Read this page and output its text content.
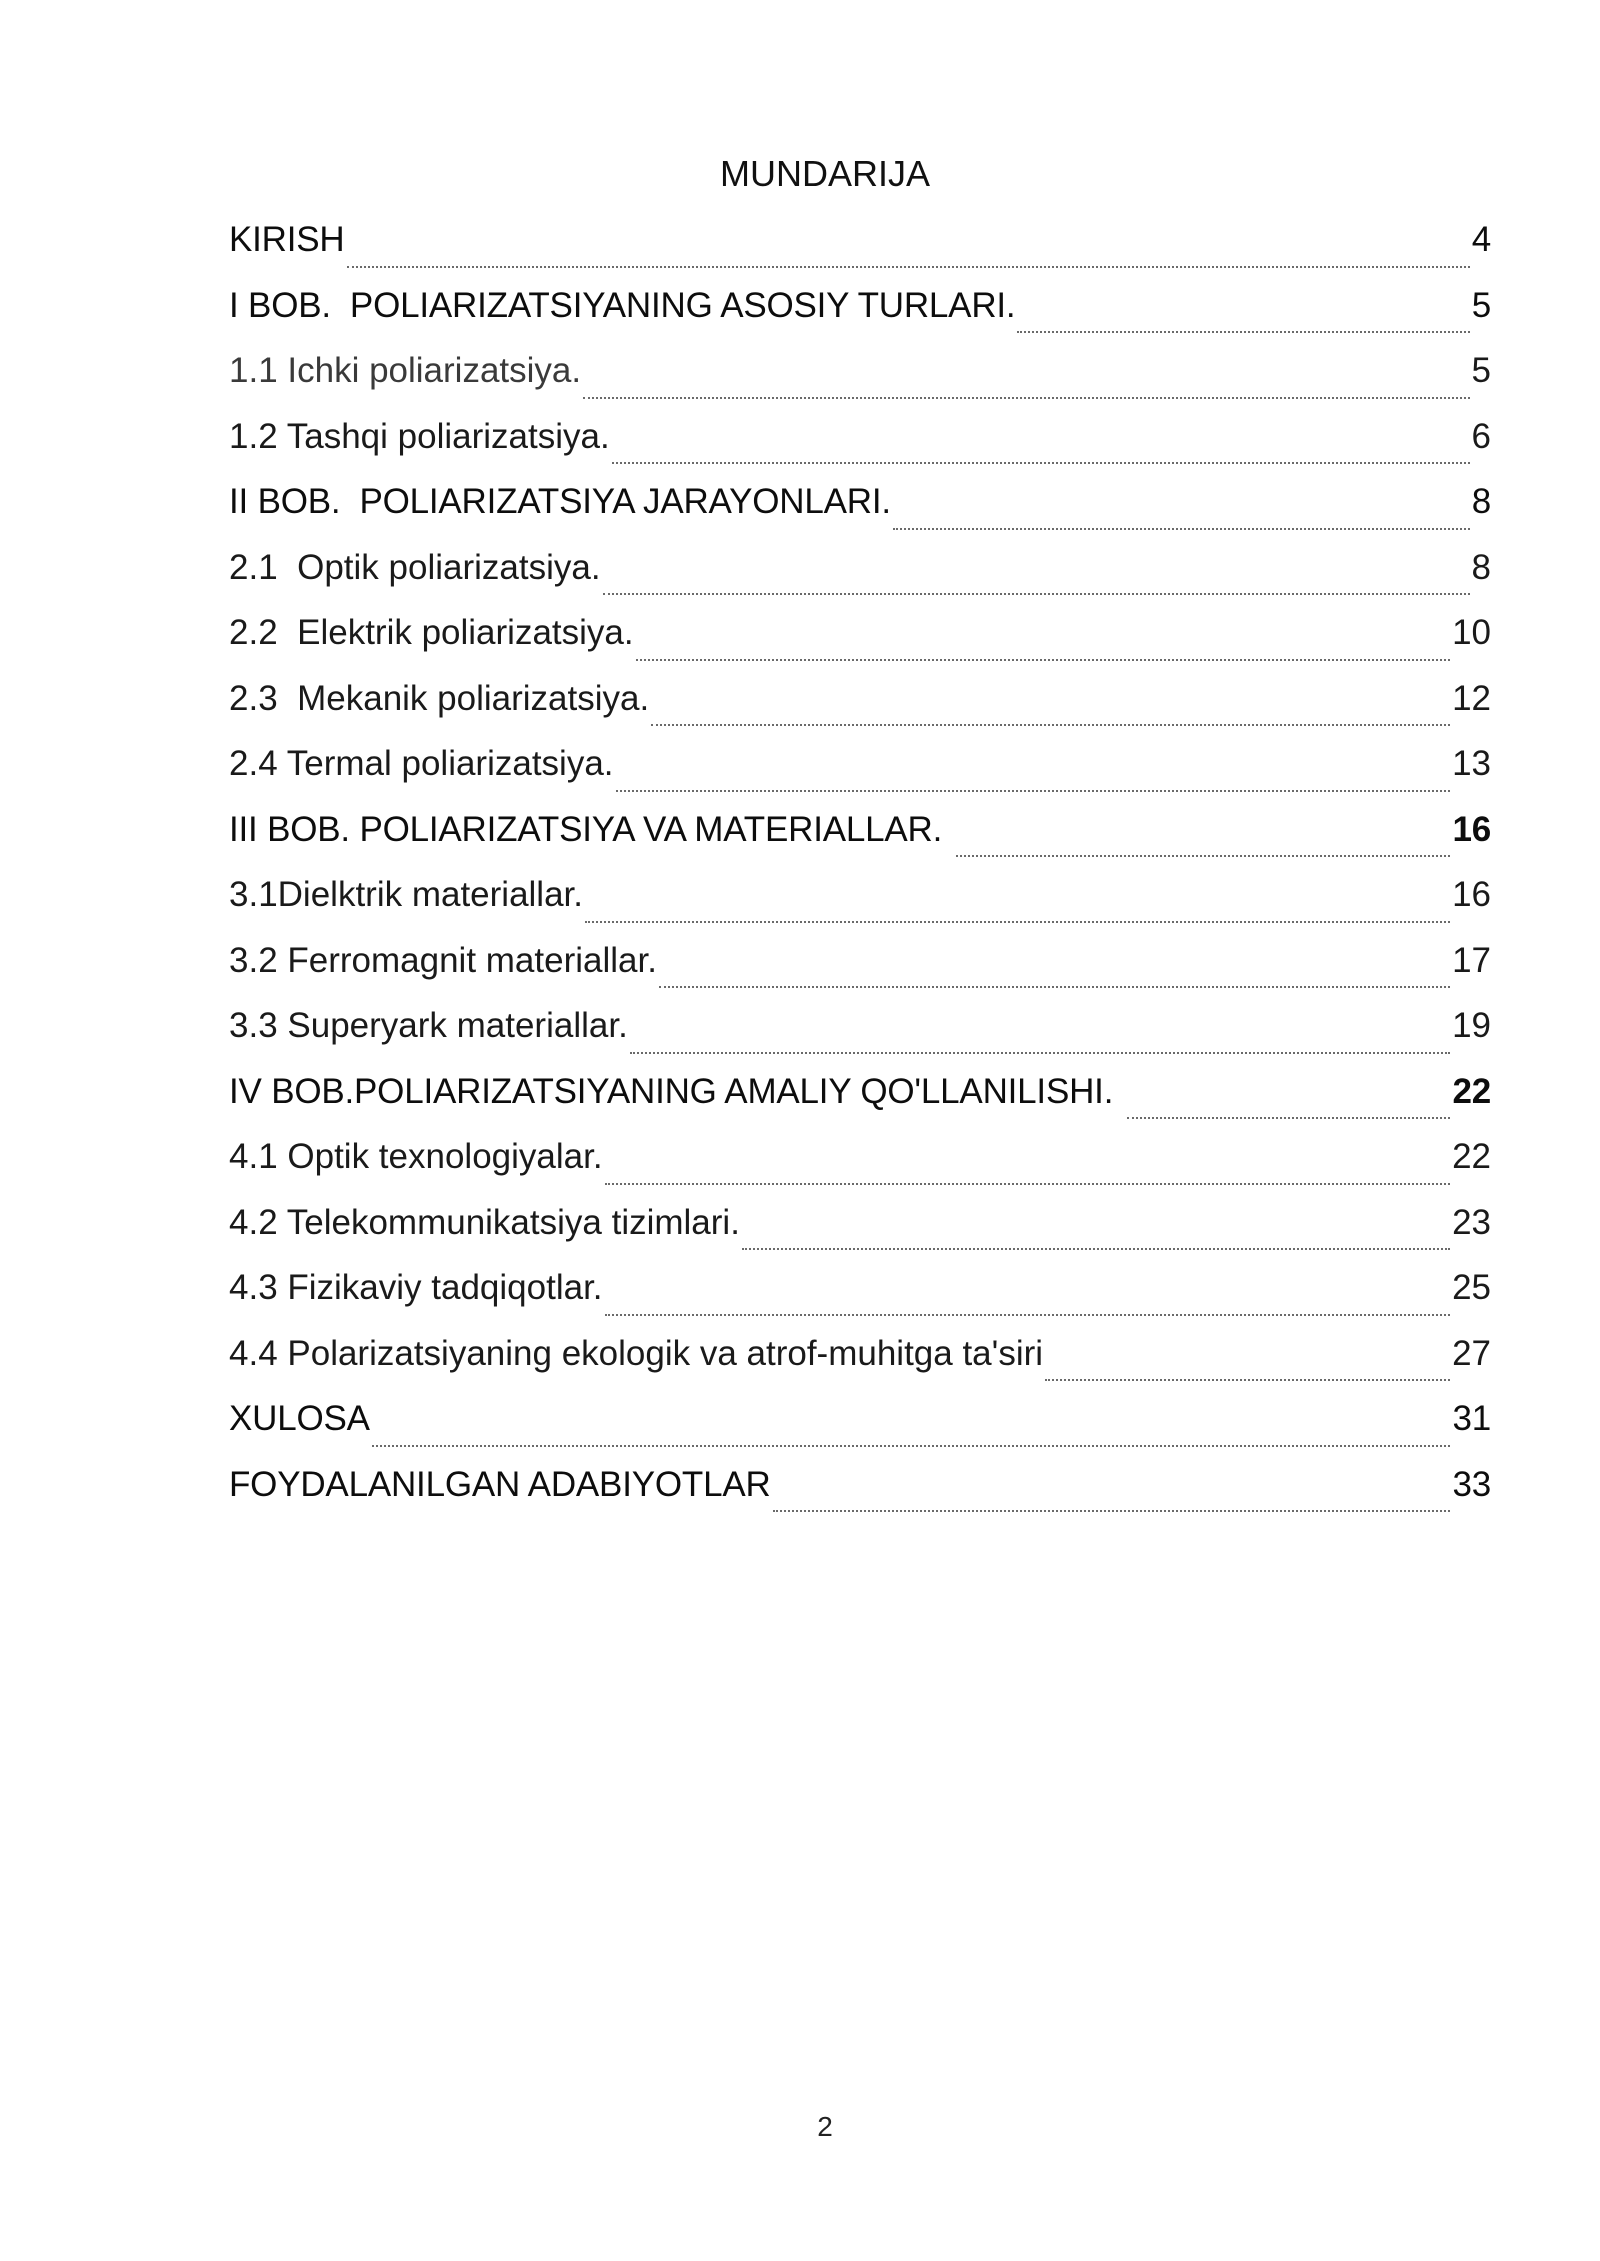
MUNDARIJA
KIRISH	4
I BOB.  POLIARIZATSIYANING ASOSIY TURLARI.	5
1.1 Ichki poliarizatsiya.	5
1.2 Tashqi poliarizatsiya.	6
II BOB.  POLIARIZATSIYA JARAYONLARI.	8
2.1  Optik poliarizatsiya.	8
2.2  Elektrik poliarizatsiya.	10
2.3  Mekanik poliarizatsiya.	12
2.4 Termal poliarizatsiya.	13
III BOB. POLIARIZATSIYA VA MATERIALLAR.	16
3.1Dielktrik materiallar.	16
3.2 Ferromagnit materiallar.	17
3.3 Superyark materiallar.	19
IV BOB.POLIARIZATSIYANING AMALIY QO'LLANILISHI.	22
4.1 Optik texnologiyalar.	22
4.2 Telekommunikatsiya tizimlari.	23
4.3 Fizikaviy tadqiqotlar.	25
4.4 Polarizatsiyaning ekologik va atrof-muhitga ta'siri	27
XULOSA	31
FOYDALANILGAN ADABIYOTLAR	33
2
